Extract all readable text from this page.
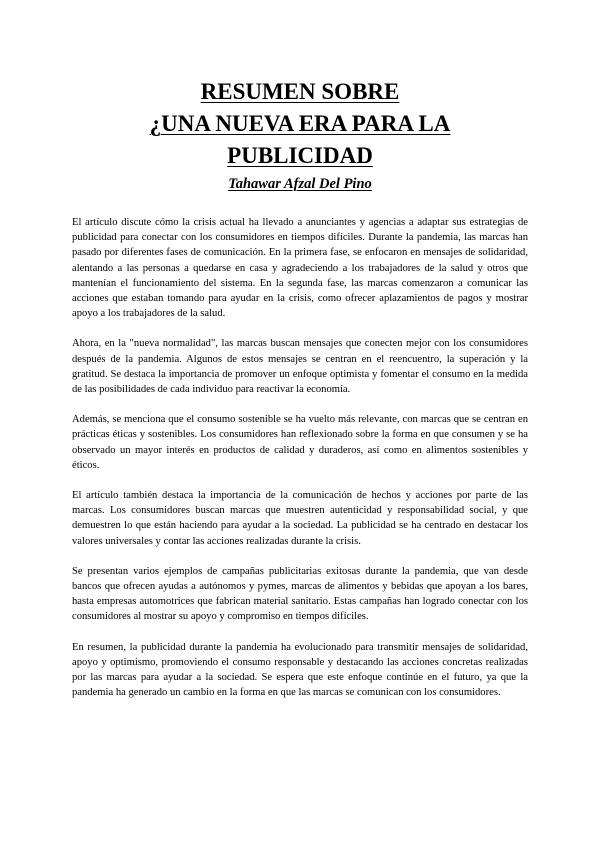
RESUMEN SOBRE
¿UNA NUEVA ERA PARA LA
PUBLICIDAD
Tahawar Afzal Del Pino

El artículo discute cómo la crisis actual ha llevado a anunciantes y agencias a adaptar sus estrategias de publicidad para conectar con los consumidores en tiempos difíciles. Durante la pandemia, las marcas han pasado por diferentes fases de comunicación. En la primera fase, se enfocaron en mensajes de solidaridad, alentando a las personas a quedarse en casa y agradeciendo a los trabajadores de la salud y otros que mantenían el funcionamiento del sistema. En la segunda fase, las marcas comenzaron a comunicar las acciones que estaban tomando para ayudar en la crisis, como ofrecer aplazamientos de pagos y mostrar apoyo a los trabajadores de la salud.

Ahora, en la "nueva normalidad", las marcas buscan mensajes que conecten mejor con los consumidores después de la pandemia. Algunos de estos mensajes se centran en el reencuentro, la superación y la gratitud. Se destaca la importancia de promover un enfoque optimista y fomentar el consumo en la medida de las posibilidades de cada individuo para reactivar la economía.

Además, se menciona que el consumo sostenible se ha vuelto más relevante, con marcas que se centran en prácticas éticas y sostenibles. Los consumidores han reflexionado sobre la forma en que consumen y se ha observado un mayor interés en productos de calidad y duraderos, así como en alimentos sostenibles y éticos.

El artículo también destaca la importancia de la comunicación de hechos y acciones por parte de las marcas. Los consumidores buscan marcas que muestren autenticidad y responsabilidad social, y que demuestren lo que están haciendo para ayudar a la sociedad. La publicidad se ha centrado en destacar los valores universales y contar las acciones realizadas durante la crisis.

Se presentan varios ejemplos de campañas publicitarias exitosas durante la pandemia, que van desde bancos que ofrecen ayudas a autónomos y pymes, marcas de alimentos y bebidas que apoyan a los bares, hasta empresas automotrices que fabrican material sanitario. Estas campañas han logrado conectar con los consumidores al mostrar su apoyo y compromiso en tiempos difíciles.

En resumen, la publicidad durante la pandemia ha evolucionado para transmitir mensajes de solidaridad, apoyo y optimismo, promoviendo el consumo responsable y destacando las acciones concretas realizadas por las marcas para ayudar a la sociedad. Se espera que este enfoque continúe en el futuro, ya que la pandemia ha generado un cambio en la forma en que las marcas se comunican con los consumidores.
